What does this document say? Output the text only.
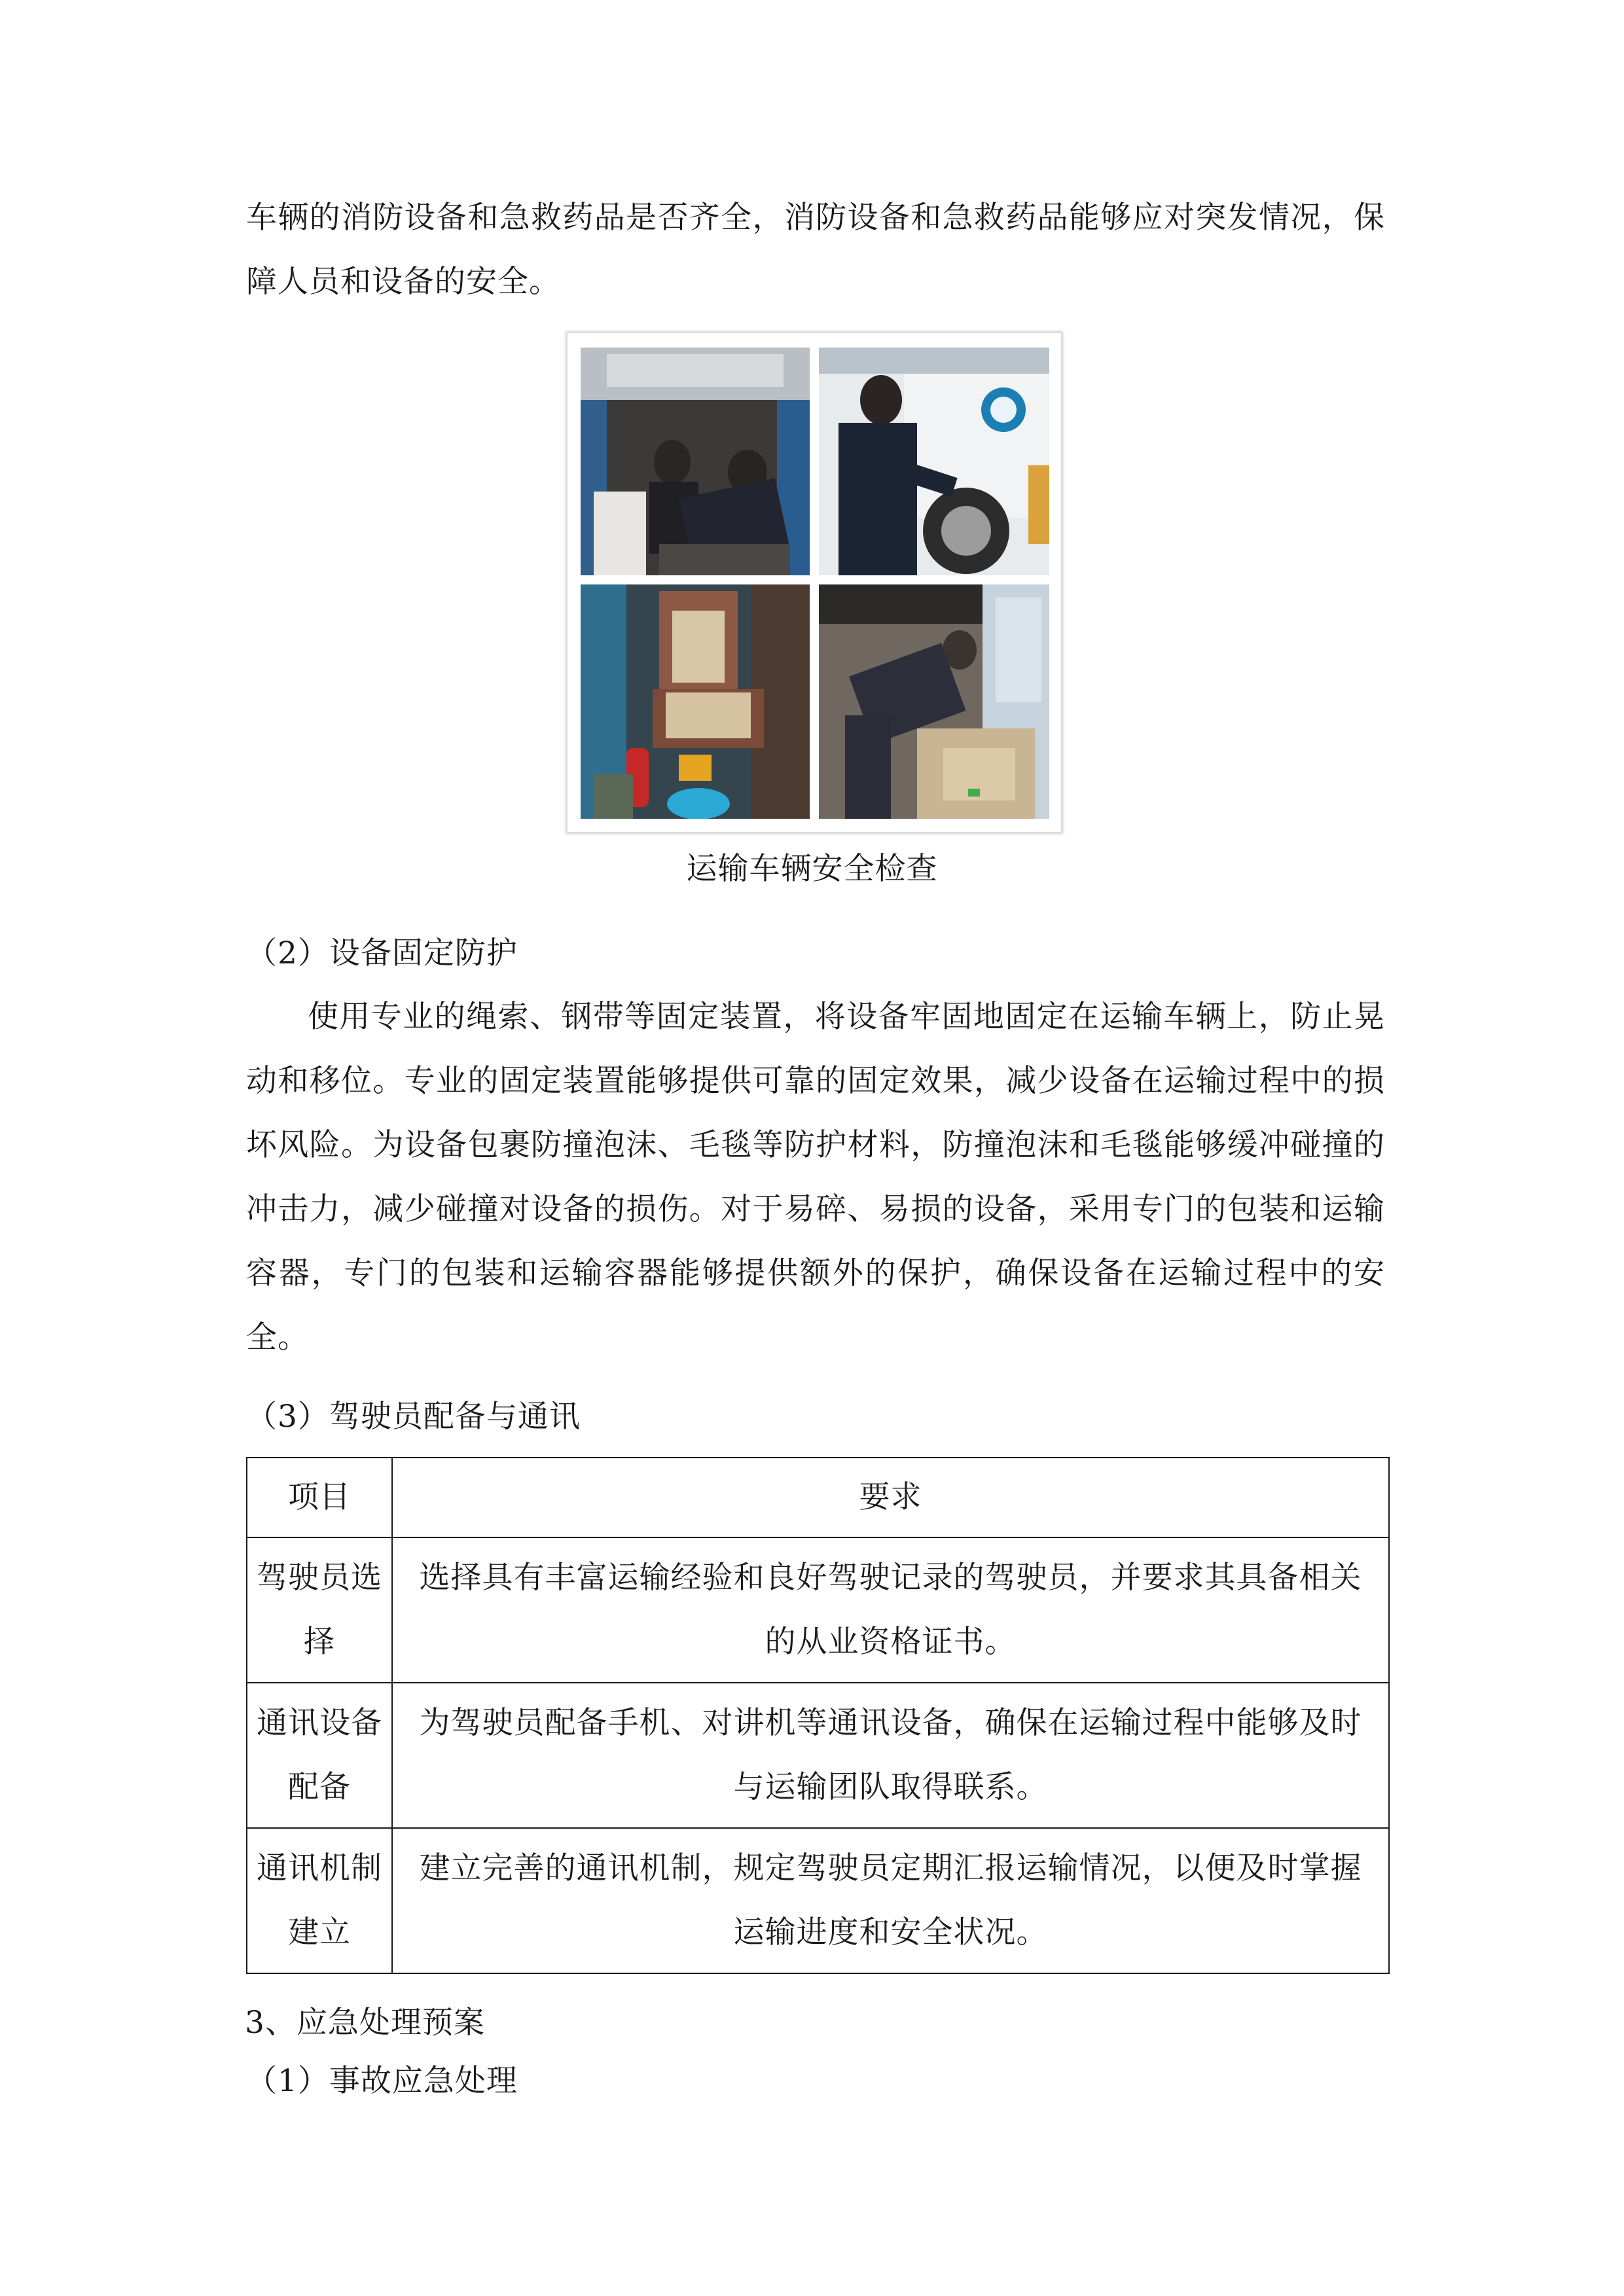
车辆的消防设备和急救药品是否齐全，消防设备和急救药品能够应对突发情况，保障人员和设备的安全。
运输车辆安全检查
（2）设备固定防护
使用专业的绳索、钢带等固定装置，将设备牢固地固定在运输车辆上，防止晃动和移位。专业的固定装置能够提供可靠的固定效果，减少设备在运输过程中的损坏风险。为设备包裹防撞泡沫、毛毯等防护材料，防撞泡沫和毛毯能够缓冲碰撞的冲击力，减少碰撞对设备的损伤。对于易碎、易损的设备，采用专门的包装和运输容器，专门的包装和运输容器能够提供额外的保护，确保设备在运输过程中的安全。
（3）驾驶员配备与通讯
项目	要求
驾驶员选择	选择具有丰富运输经验和良好驾驶记录的驾驶员，并要求其具备相关的从业资格证书。
通讯设备配备	为驾驶员配备手机、对讲机等通讯设备，确保在运输过程中能够及时与运输团队取得联系。
通讯机制建立	建立完善的通讯机制，规定驾驶员定期汇报运输情况，以便及时掌握运输进度和安全状况。
3、应急处理预案
（1）事故应急处理
